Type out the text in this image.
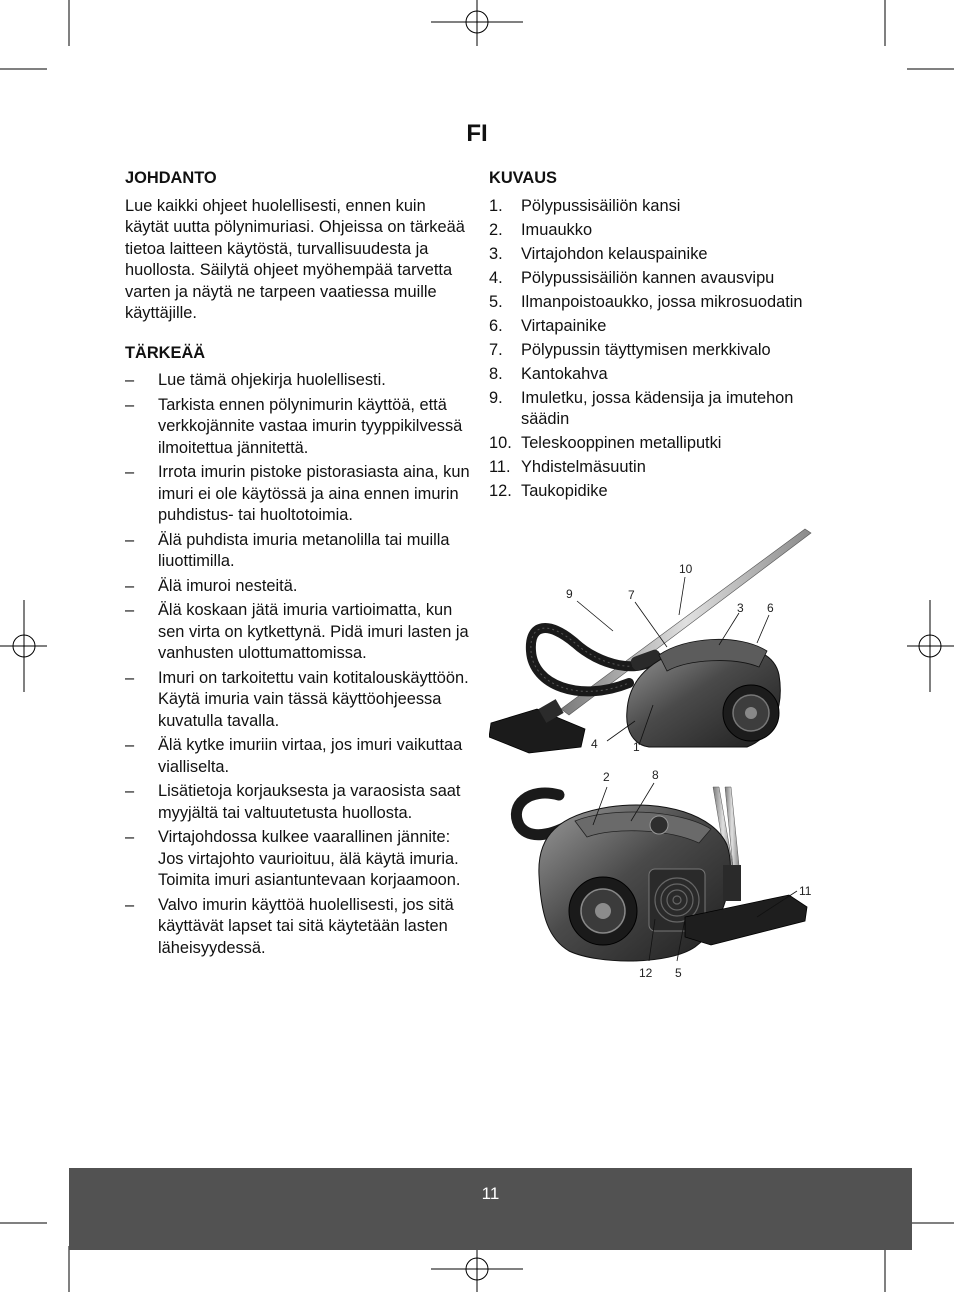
FI
JOHDANTO

Lue kaikki ohjeet huolellisesti, ennen kuin käytät uutta pölynimuriasi. Ohjeissa on tärkeää tietoa laitteen käytöstä, turvallisuudesta ja huollosta. Säilytä ohjeet myöhempää tarvetta varten ja näytä ne tarpeen vaatiessa muille käyttäjille.

TÄRKEÄÄ
– Lue tämä ohjekirja huolellisesti.
– Tarkista ennen pölynimurin käyttöä, että verkkojännite vastaa imurin tyyppikilvessä ilmoitettua jännitettä.
– Irrota imurin pistoke pistorasiasta aina, kun imuri ei ole käytössä ja aina ennen imurin puhdistus- tai huoltotoimia.
– Älä puhdista imuria metanolilla tai muilla liuottimilla.
– Älä imuroi nesteitä.
– Älä koskaan jätä imuria vartioimatta, kun sen virta on kytkettynä. Pidä imuri lasten ja vanhusten ulottumattomissa.
– Imuri on tarkoitettu vain kotitalouskäyttöön. Käytä imuria vain tässä käyttöohjeessa kuvatulla tavalla.
– Älä kytke imuriin virtaa, jos imuri vaikuttaa vialliselta.
– Lisätietoja korjauksesta ja varaosista saat myyjältä tai valtuutetusta huollosta.
– Virtajohdossa kulkee vaarallinen jännite: Jos virtajohto vaurioituu, älä käytä imuria. Toimita imuri asiantuntevaan korjaamoon.
– Valvo imurin käyttöä huolellisesti, jos sitä käyttävät lapset tai sitä käytetään lasten läheisyydessä.
KUVAUS
1. Pölypussisäiliön kansi
2. Imuaukko
3. Virtajohdon kelauspainike
4. Pölypussisäiliön kannen avausvipu
5. Ilmanpoistoaukko, jossa mikrosuodatin
6. Virtapainike
7. Pölypussin täyttymisen merkkivalo
8. Kantokahva
9. Imuletku, jossa kädensija ja imutehon säädin
10. Teleskooppinen metalliputki
11. Yhdistelmäsuutin
12. Taukopidike
10
9	7
3 6
4	1
2	8
11
12 5
11
